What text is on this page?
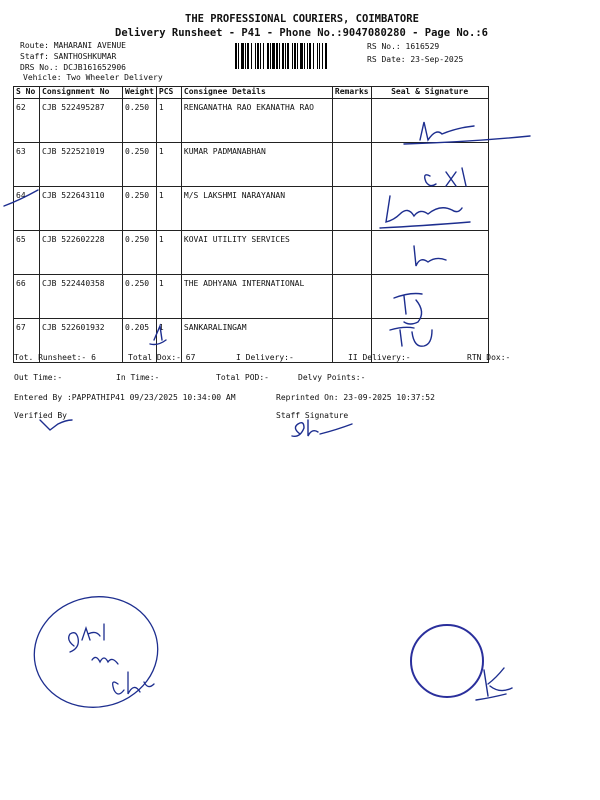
THE PROFESSIONAL COURIERS, COIMBATORE
Delivery Runsheet - P41 - Phone No.:9047080280 - Page No.:6
Route: MAHARANI AVENUE
Staff: SANTHOSHKUMAR
DRS No.: DCJB161652906
Vehicle: Two Wheeler Delivery
RS No.: 1616529
RS Date: 23-Sep-2025
S No	Consignment No	Weight	PCS	Consignee Details	Remarks	Seal & Signature
62	CJB 522495287	0.250	1	RENGANATHA RAO EKANATHA RAO		
63	CJB 522521019	0.250	1	KUMAR PADMANABHAN		
64	CJB 522643110	0.250	1	M/S LAKSHMI NARAYANAN		
65	CJB 522602228	0.250	1	KOVAI UTILITY SERVICES		
66	CJB 522440358	0.250	1	THE ADHYANA INTERNATIONAL		
67	CJB 522601932	0.205	1	SANKARALINGAM		
Tot. Runsheet:- 6	Total Dox:- 67	I Delivery:-	II Delivery:-	RTN Dox:-
Out Time:-	In Time:-	Total POD:-	Delvy Points:-
Entered By :PAPPATHIP41 09/23/2025 10:34:00 AM	Reprinted On: 23-09-2025 10:37:52
Verified By	Staff Signature
9442374951
9442222311
PC41
